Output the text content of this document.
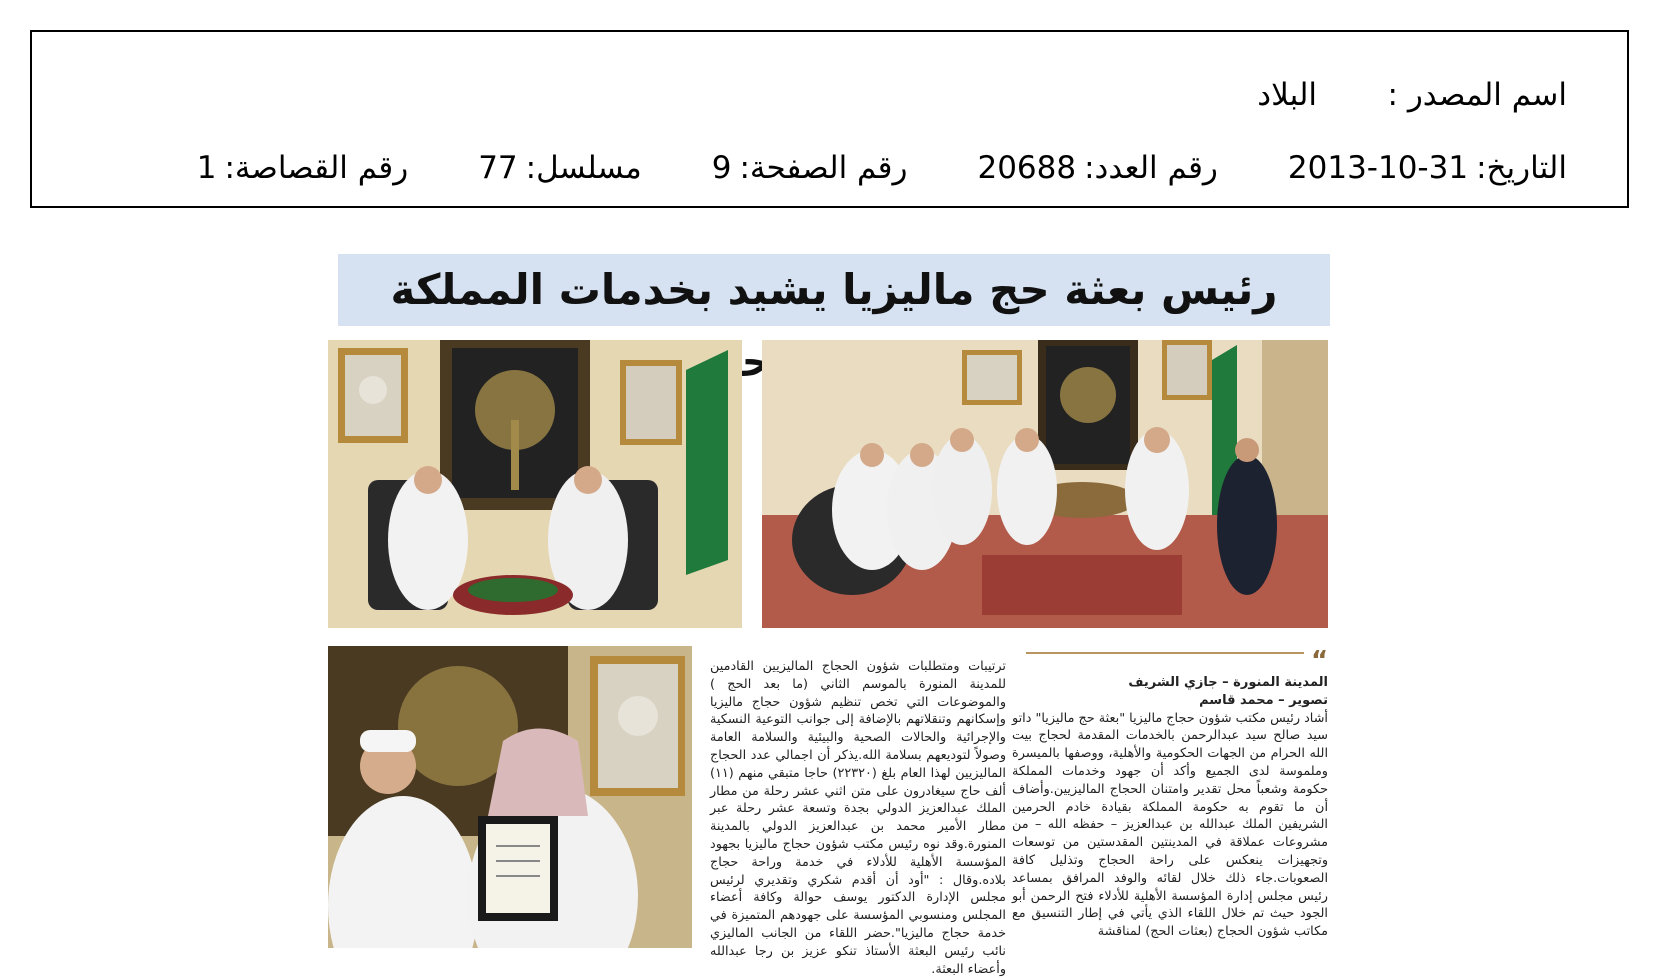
اسم المصدر :
البلاد
التاريخ:2013-10-31
رقم العدد:20688
رقم الصفحة:9
مسلسل:77
رقم القصاصة:1
رئيس بعثة حج ماليزيا يشيد بخدمات المملكة الرحمن
“
المدينة المنورة – جازي الشريف
تصوير – محمد قاسم

أشاد رئيس مكتب شؤون حجاج ماليزيا "بعثة حج ماليزيا" داتو سيد صالح سيد عبدالرحمن بالخدمات المقدمة لحجاج بيت الله الحرام من الجهات الحكومية والأهلية، ووصفها بالميسرة وملموسة لدى الجميع وأكد أن جهود وخدمات المملكة حكومة وشعباً محل تقدير وامتنان الحجاج الماليزيين.وأضاف أن ما تقوم به حكومة المملكة بقيادة خادم الحرمين الشريفين الملك عبدالله بن عبدالعزيز – حفظه الله – من مشروعات عملاقة في المدينتين المقدستين من توسعات وتجهيزات ينعكس على راحة الحجاج وتذليل كافة الصعوبات.جاء ذلك خلال لقائه والوفد المرافق بمساعد رئيس مجلس إدارة المؤسسة الأهلية للأدلاء فتح الرحمن أبو الجود حيث تم خلال اللقاء الذي يأتي في إطار التنسيق مع مكاتب شؤون الحجاج (بعثات الحج) لمناقشة

ترتيبات ومتطلبات شؤون الحجاج الماليزيين القادمين للمدينة المنورة بالموسم الثاني (ما بعد الحج ) والموضوعات التي تخص تنظيم شؤون حجاج ماليزيا وإسكانهم وتنقلاتهم بالإضافة إلى جوانب التوعية النسكية والإجرائية والحالات الصحية والبيئية والسلامة العامة وصولاً لتوديعهم بسلامة الله.يذكر أن اجمالي عدد الحجاج الماليزيين لهذا العام بلغ (٢٢٣٢٠) حاجا متبقي منهم (١١) ألف حاج سيغادرون على متن اثني عشر رحلة من مطار الملك عبدالعزيز الدولي بجدة وتسعة عشر رحلة عبر مطار الأمير محمد بن عبدالعزيز الدولي بالمدينة المنورة.وقد نوه رئيس مكتب شؤون حجاج ماليزيا بجهود المؤسسة الأهلية للأدلاء في خدمة وراحة حجاج بلاده.وقال : "أود أن أقدم شكري وتقديري لرئيس مجلس الإدارة الدكتور يوسف حوالة وكافة أعضاء المجلس ومنسوبي المؤسسة على جهودهم المتميزة في خدمة حجاج ماليزيا".حضر اللقاء من الجانب الماليزي نائب رئيس البعثة الأستاذ تنكو عزيز بن رجا عبدالله وأعضاء البعثة.
